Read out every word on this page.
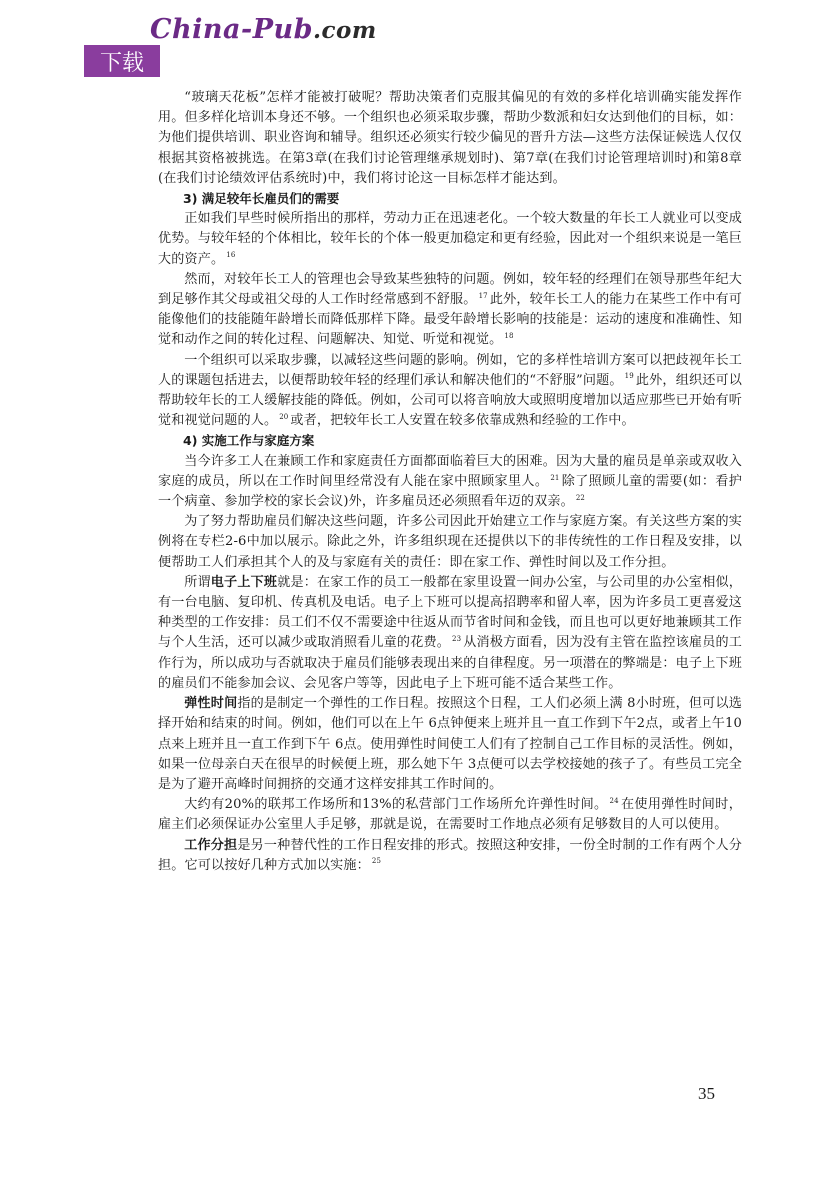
China-Pub.com
下载

“玻璃天花板”怎样才能被打破呢？帮助决策者们克服其偏见的有效的多样化培训确实能发挥作用。但多样化培训本身还不够。一个组织也必须采取步骤，帮助少数派和妇女达到他们的目标，如：为他们提供培训、职业咨询和辅导。组织还必须实行较少偏见的晋升方法—这些方法保证候选人仅仅根据其资格被挑选。在第3章(在我们讨论管理继承规划时)、第7章(在我们讨论管理培训时)和第8章(在我们讨论绩效评估系统时)中，我们将讨论这一目标怎样才能达到。

3) 满足较年长雇员们的需要

正如我们早些时候所指出的那样，劳动力正在迅速老化。一个较大数量的年长工人就业可以变成优势。与较年轻的个体相比，较年长的个体一般更加稳定和更有经验，因此对一个组织来说是一笔巨大的资产。 $^{16}$

然而，对较年长工人的管理也会导致某些独特的问题。例如，较年轻的经理们在领导那些年纪大到足够作其父母或祖父母的人工作时经常感到不舒服。 $^{17}$ 此外，较年长工人的能力在某些工作中有可能像他们的技能随年龄增长而降低那样下降。最受年龄增长影响的技能是：运动的速度和准确性、知觉和动作之间的转化过程、问题解决、知觉、听觉和视觉。 $^{18}$

一个组织可以采取步骤，以减轻这些问题的影响。例如，它的多样性培训方案可以把歧视年长工人的课题包括进去，以便帮助较年轻的经理们承认和解决他们的“不舒服”问题。 $^{19}$ 此外，组织还可以帮助较年长的工人缓解技能的降低。例如，公司可以将音响放大或照明度增加以适应那些已开始有听觉和视觉问题的人。 $^{20}$ 或者，把较年长工人安置在较多依靠成熟和经验的工作中。

4) 实施工作与家庭方案

当今许多工人在兼顾工作和家庭责任方面都面临着巨大的困难。因为大量的雇员是单亲或双收入家庭的成员，所以在工作时间里经常没有人能在家中照顾家里人。 $^{21}$ 除了照顾儿童的需要(如：看护一个病童、参加学校的家长会议)外，许多雇员还必须照看年迈的双亲。 $^{22}$

为了努力帮助雇员们解决这些问题，许多公司因此开始建立工作与家庭方案。有关这些方案的实例将在专栏2-6中加以展示。除此之外，许多组织现在还提供以下的非传统性的工作日程及安排，以便帮助工人们承担其个人的及与家庭有关的责任：即在家工作、弹性时间以及工作分担。

所谓电子上下班就是：在家工作的员工一般都在家里设置一间办公室，与公司里的办公室相似，有一台电脑、复印机、传真机及电话。电子上下班可以提高招聘率和留人率，因为许多员工更喜爱这种类型的工作安排：员工们不仅不需要途中往返从而节省时间和金钱，而且也可以更好地兼顾其工作与个人生活，还可以减少或取消照看儿童的花费。 $^{23}$ 从消极方面看，因为没有主管在监控该雇员的工作行为，所以成功与否就取决于雇员们能够表现出来的自律程度。另一项潜在的弊端是：电子上下班的雇员们不能参加会议、会见客户等等，因此电子上下班可能不适合某些工作。

弹性时间指的是制定一个弹性的工作日程。按照这个日程，工人们必须上满 8小时班，但可以选择开始和结束的时间。例如，他们可以在上午 6点钟便来上班并且一直工作到下午2点，或者上午10点来上班并且一直工作到下午 6点。使用弹性时间使工人们有了控制自己工作目标的灵活性。例如，如果一位母亲白天在很早的时候便上班，那么她下午 3点便可以去学校接她的孩子了。有些员工完全是为了避开高峰时间拥挤的交通才这样安排其工作时间的。

大约有20%的联邦工作场所和13%的私营部门工作场所允许弹性时间。 $^{24}$ 在使用弹性时间时，雇主们必须保证办公室里人手足够，那就是说，在需要时工作地点必须有足够数目的人可以使用。

工作分担是另一种替代性的工作日程安排的形式。按照这种安排，一份全时制的工作有两个人分担。它可以按好几种方式加以实施： $^{25}$

35
